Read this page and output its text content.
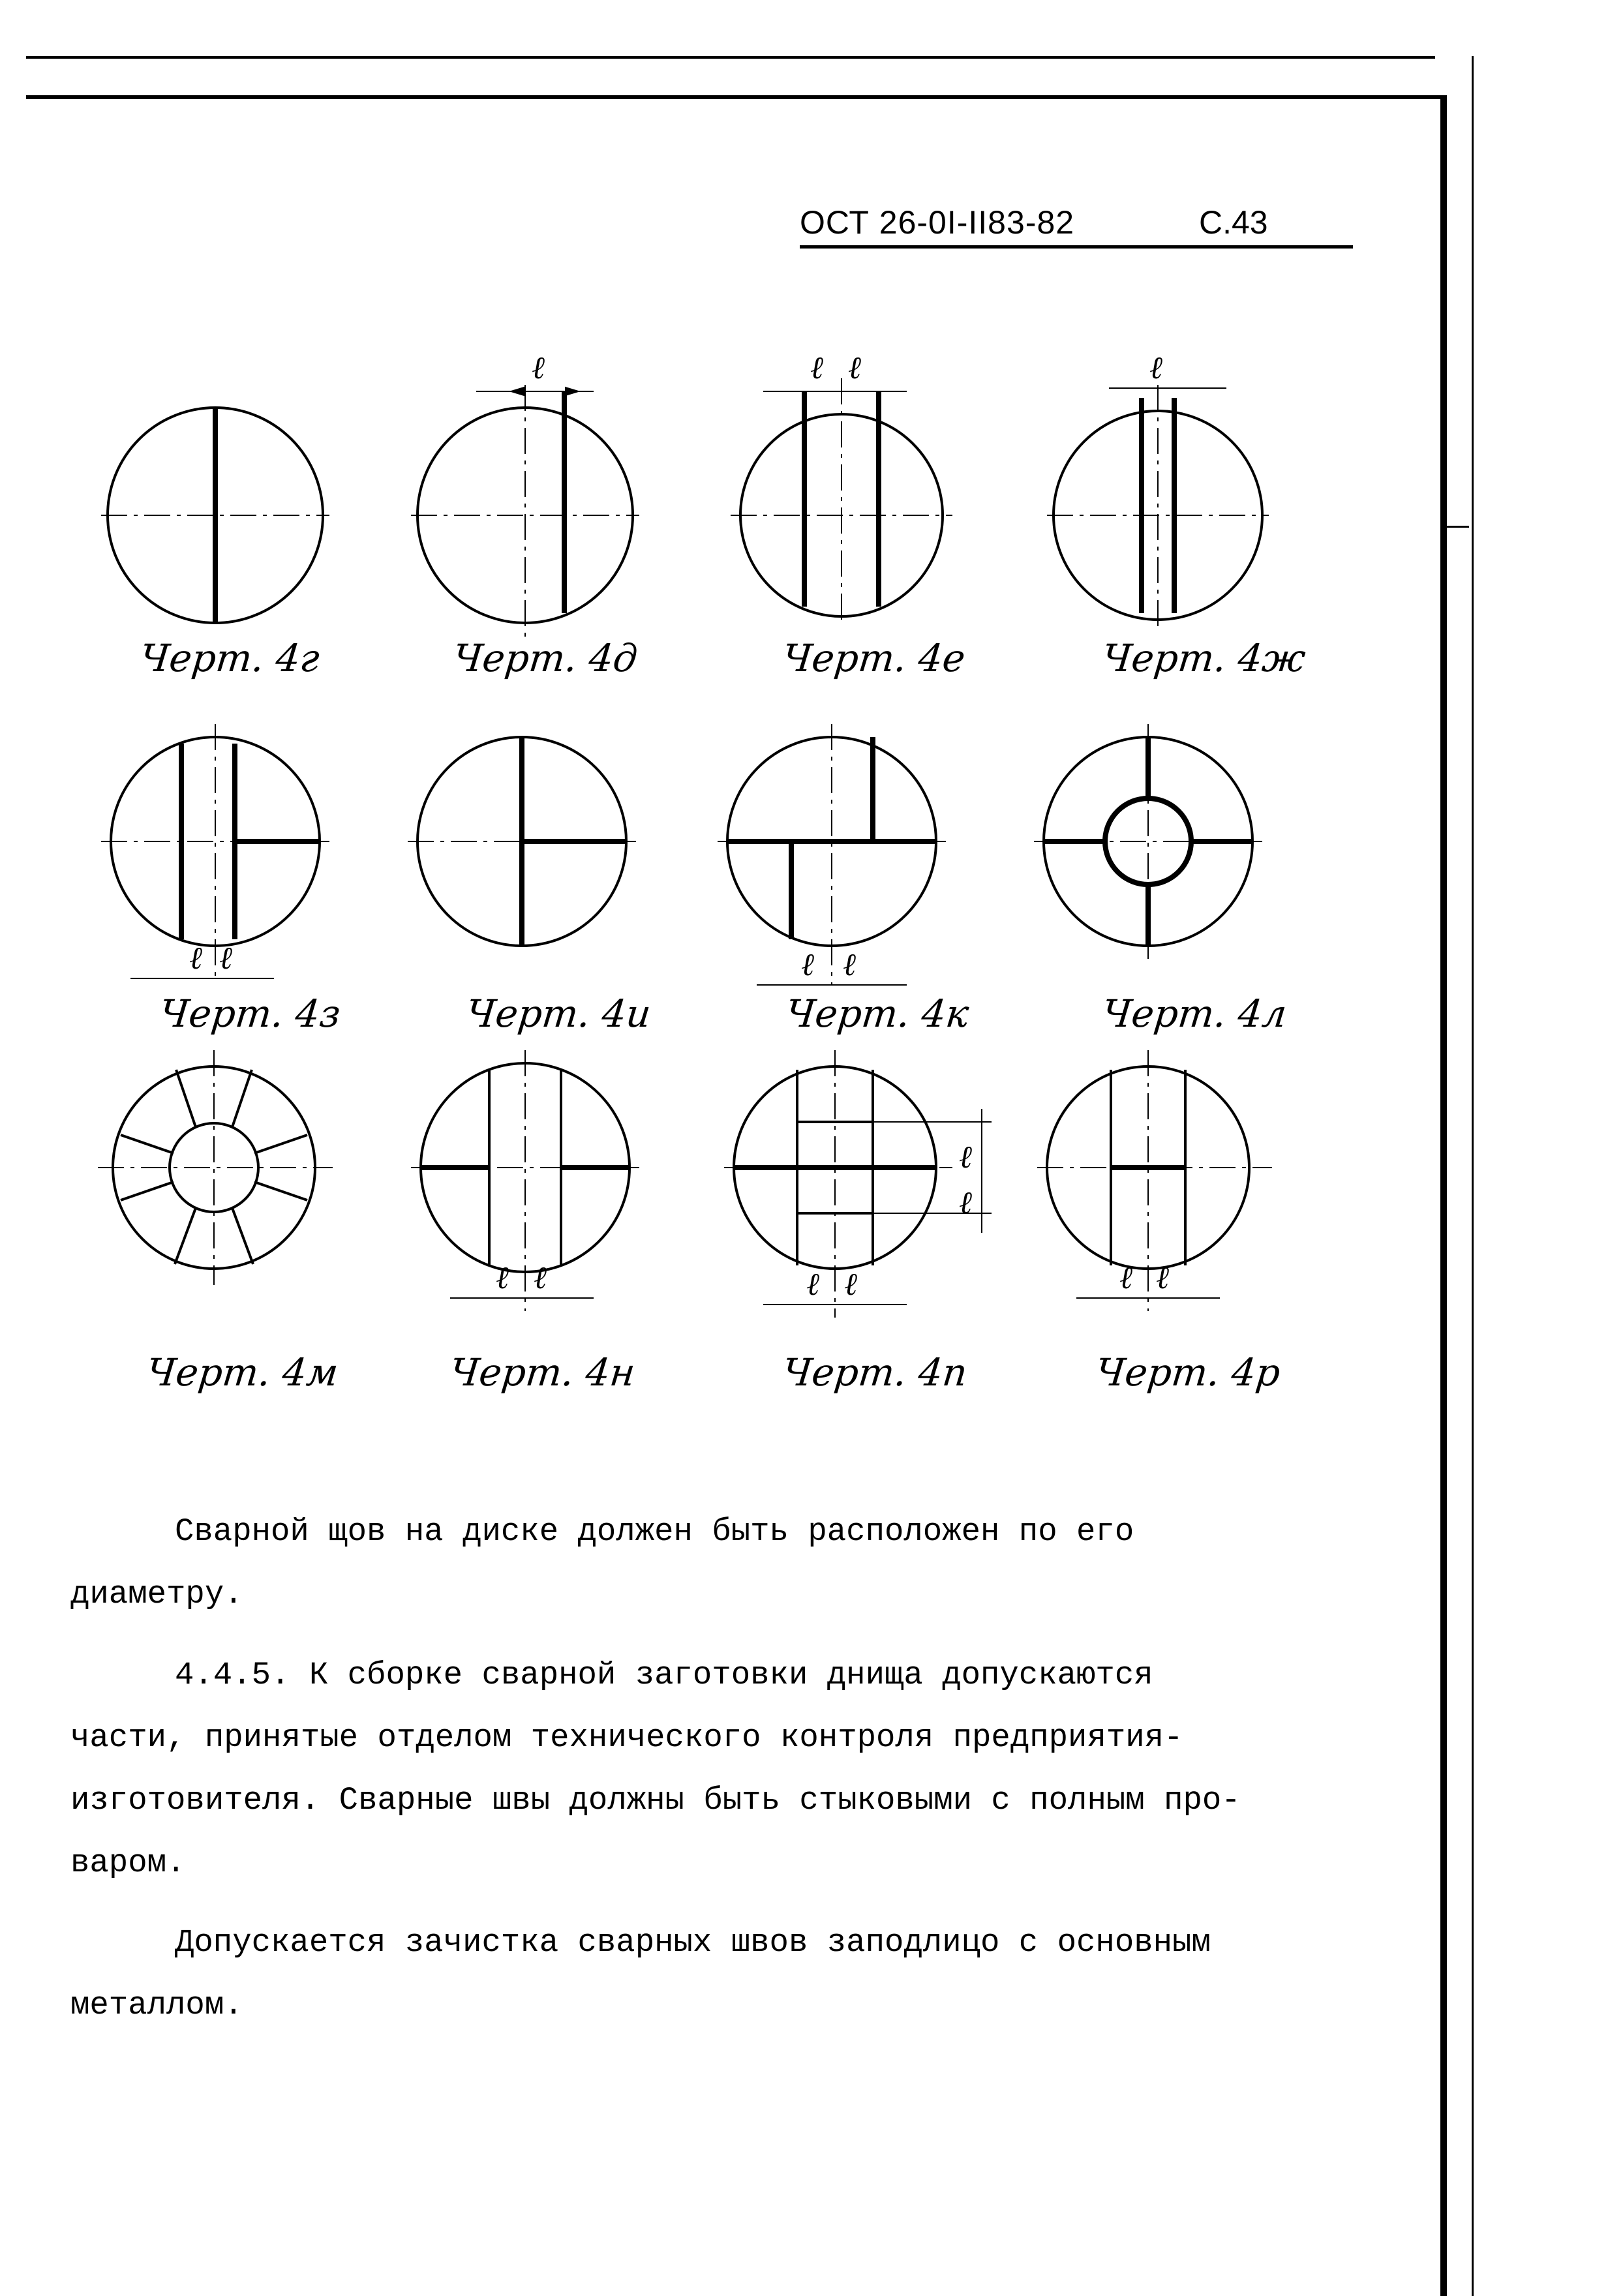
ОСТ 26-0I-II83-82	С.43
ℓ	ℓ ℓ	ℓ
ℓ ℓ	ℓ ℓ
ℓ ℓ	ℓ ℓ
ℓ
ℓ
ℓ ℓ
Черт. 4г	Черт. 4д	Черт. 4е	Черт. 4ж
Черт. 4з	Черт. 4и	Черт. 4к	Черт. 4л
Черт. 4м	Черт. 4н	Черт. 4п	Черт. 4р

Сварной щов на диске должен быть расположен по его

диаметру.

4.4.5. К сборке сварной заготовки днища допускаются

части, принятые отделом технического контроля предприятия-

изготовителя. Сварные швы должны быть стыковыми с полным про-

варом.

Допускается зачистка сварных швов заподлицо с основным

металлом.
